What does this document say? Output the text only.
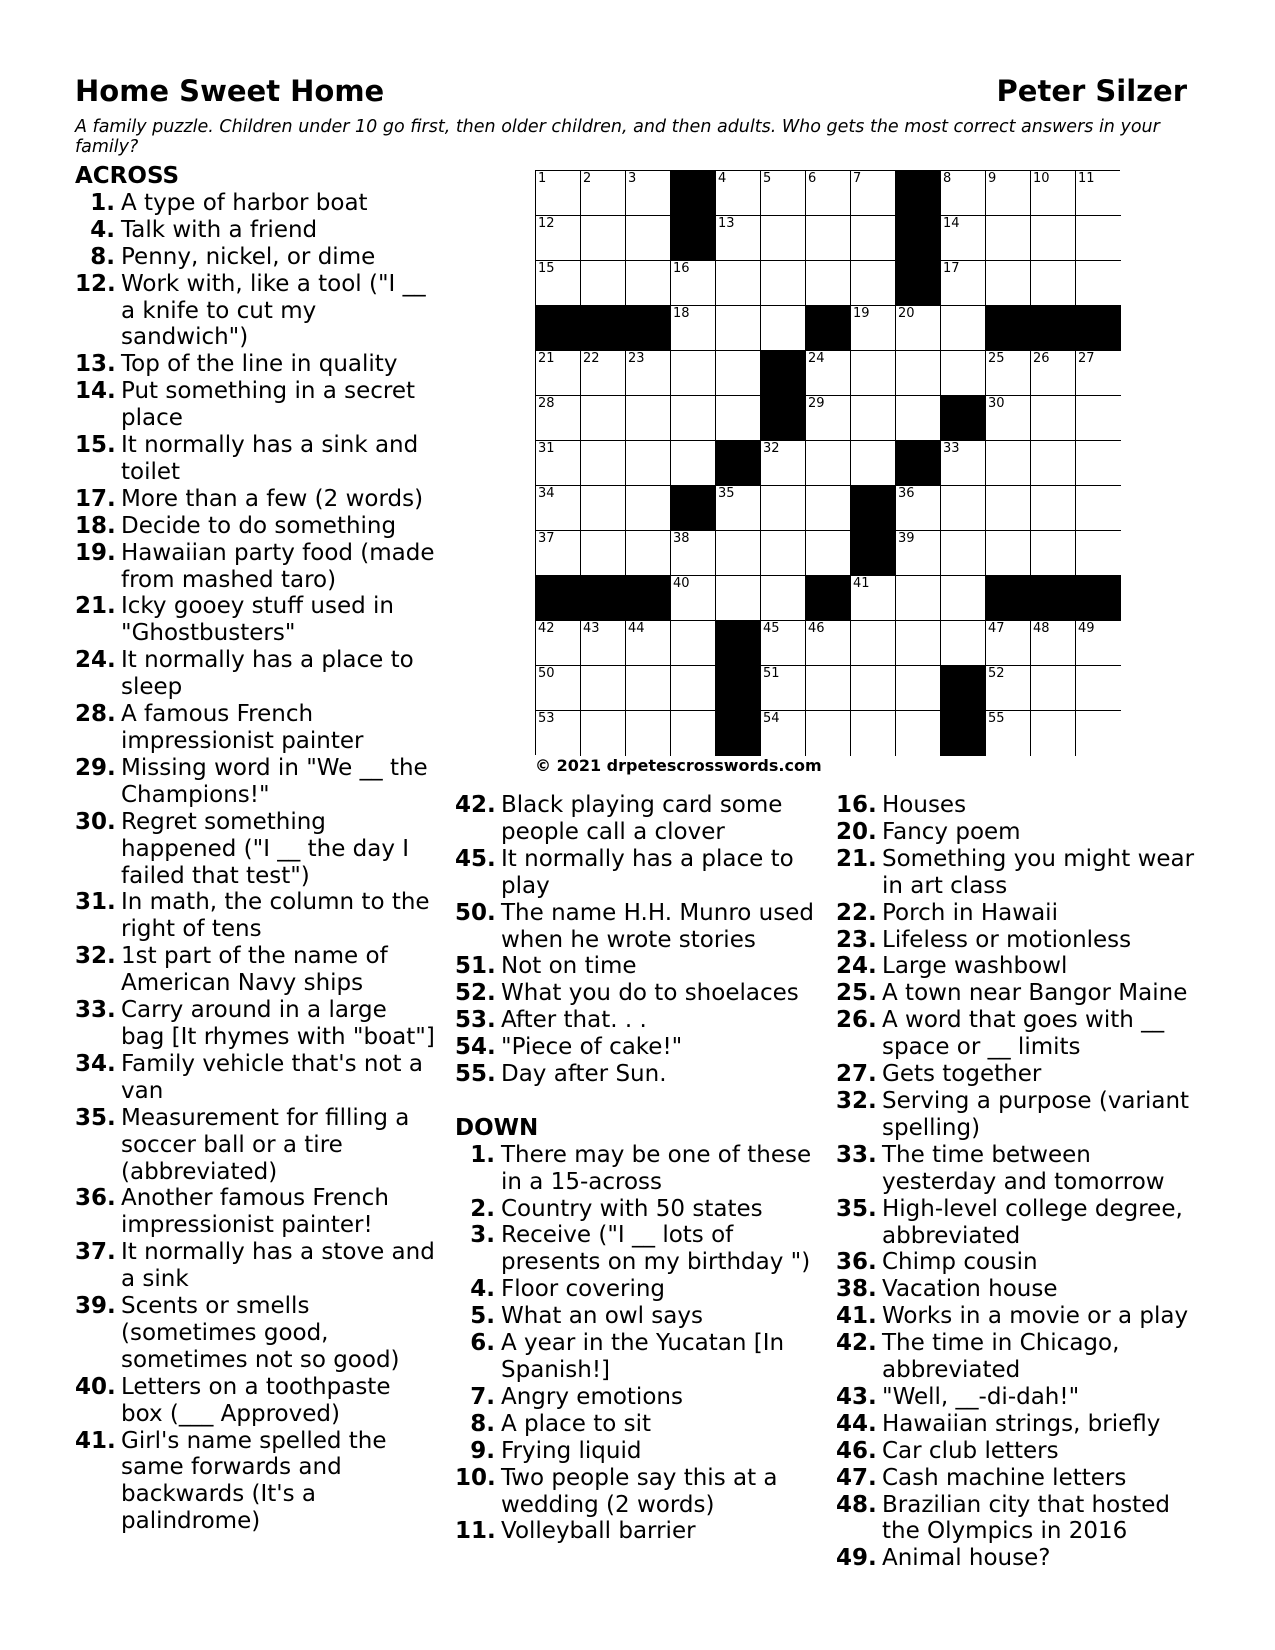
Home Sweet Home	Peter Silzer
A family puzzle. Children under 10 go first, then older children, and then adults. Who gets the most correct answers in your family?
ACROSS
1. A type of harbor boat
4. Talk with a friend
8. Penny, nickel, or dime
12. Work with, like a tool ("I __ a knife to cut my sandwich")
13. Top of the line in quality
14. Put something in a secret place
15. It normally has a sink and toilet
17. More than a few (2 words)
18. Decide to do something
19. Hawaiian party food (made from mashed taro)
21. Icky gooey stuff used in "Ghostbusters"
24. It normally has a place to sleep
28. A famous French impressionist painter
29. Missing word in "We __ the Champions!"
30. Regret something happened ("I __ the day I failed that test")
31. In math, the column to the right of tens
32. 1st part of the name of American Navy ships
33. Carry around in a large bag [It rhymes with "boat"]
34. Family vehicle that's not a van
35. Measurement for filling a soccer ball or a tire (abbreviated)
36. Another famous French impressionist painter!
37. It normally has a stove and a sink
39. Scents or smells (sometimes good, sometimes not so good)
40. Letters on a toothpaste box (___ Approved)
41. Girl's name spelled the same forwards and backwards (It's a palindrome)
42. Black playing card some people call a clover
45. It normally has a place to play
50. The name H.H. Munro used when he wrote stories
51. Not on time
52. What you do to shoelaces
53. After that. . .
54. "Piece of cake!"
55. Day after Sun.
DOWN
1. There may be one of these in a 15-across
2. Country with 50 states
3. Receive ("I __ lots of presents on my birthday ")
4. Floor covering
5. What an owl says
6. A year in the Yucatan [In Spanish!]
7. Angry emotions
8. A place to sit
9. Frying liquid
10. Two people say this at a wedding (2 words)
11. Volleyball barrier
16. Houses
20. Fancy poem
21. Something you might wear in art class
22. Porch in Hawaii
23. Lifeless or motionless
24. Large washbowl
25. A town near Bangor Maine
26. A word that goes with __ space or __ limits
27. Gets together
32. Serving a purpose (variant spelling)
33. The time between yesterday and tomorrow
35. High-level college degree, abbreviated
36. Chimp cousin
38. Vacation house
41. Works in a movie or a play
42. The time in Chicago, abbreviated
43. "Well, __-di-dah!"
44. Hawaiian strings, briefly
46. Car club letters
47. Cash machine letters
48. Brazilian city that hosted the Olympics in 2016
49. Animal house?
1	2	3	4	5	6	7	8	9	10 11
12	13	14
15	16	17
18	19 20
21 22 23	24	25 26 27
28	29	30
31	32	33
34	35	36
37	38	39
40	41
42 43 44	45 46	47 48 49
50	51	52
53	54	55
© 2021 drpetescrosswords.com
